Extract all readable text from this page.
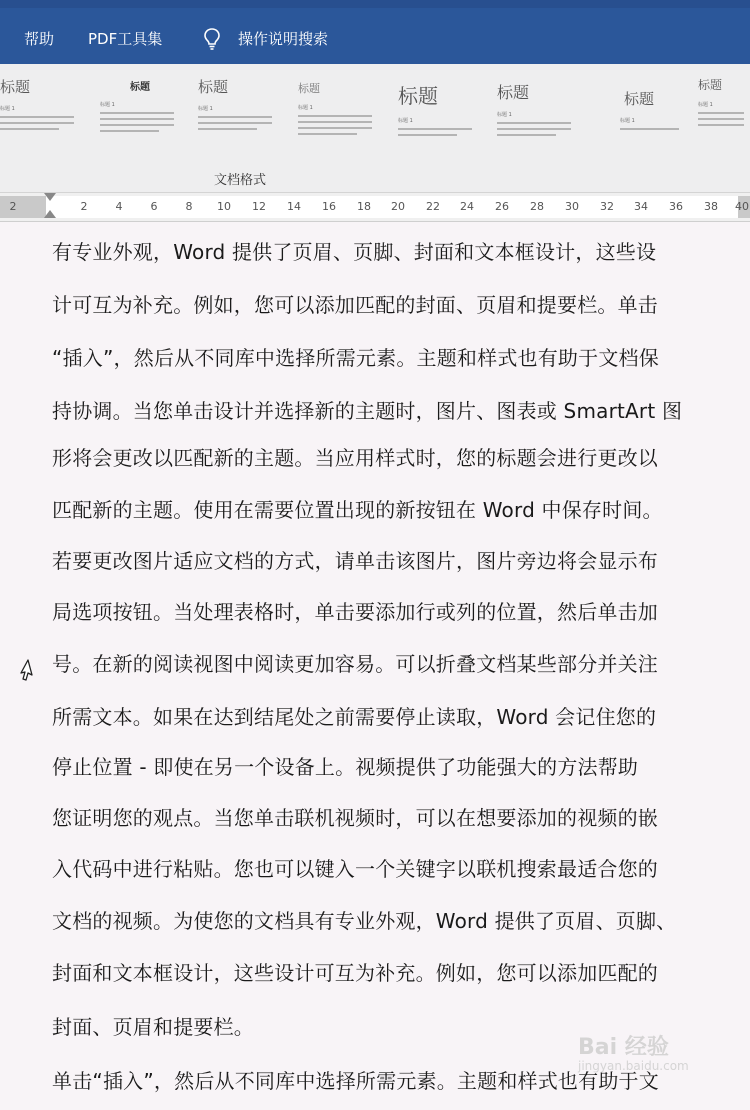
帮助 PDF工具集	操作说明搜索
标题
标题 1
标题
标题 1
标题
标题 1
标题
标题 1	标题
标题 1
标题
标题 1
标题
标题 1
标题
标题 1
文档格式
2	2	4	6	8	10	12	14	16	18	20	22	24	26	28	30	32	34	36	38	40
有专业外观，Word 提供了页眉、页脚、封面和文本框设计，这些设
计可互为补充。例如，您可以添加匹配的封面、页眉和提要栏。单击
“插入”，然后从不同库中选择所需元素。主题和样式也有助于文档保
持协调。当您单击设计并选择新的主题时，图片、图表或 SmartArt 图
形将会更改以匹配新的主题。当应用样式时，您的标题会进行更改以
匹配新的主题。使用在需要位置出现的新按钮在 Word 中保存时间。
若要更改图片适应文档的方式，请单击该图片，图片旁边将会显示布
局选项按钮。当处理表格时，单击要添加行或列的位置，然后单击加
号。在新的阅读视图中阅读更加容易。可以折叠文档某些部分并关注
所需文本。如果在达到结尾处之前需要停止读取，Word 会记住您的
停止位置 - 即使在另一个设备上。视频提供了功能强大的方法帮助
您证明您的观点。当您单击联机视频时，可以在想要添加的视频的嵌
入代码中进行粘贴。您也可以键入一个关键字以联机搜索最适合您的
文档的视频。为使您的文档具有专业外观，Word 提供了页眉、页脚、
封面和文本框设计，这些设计可互为补充。例如，您可以添加匹配的
封面、页眉和提要栏。
单击“插入”，然后从不同库中选择所需元素。主题和样式也有助于文
Bai 经验
jingyan.baidu.com
